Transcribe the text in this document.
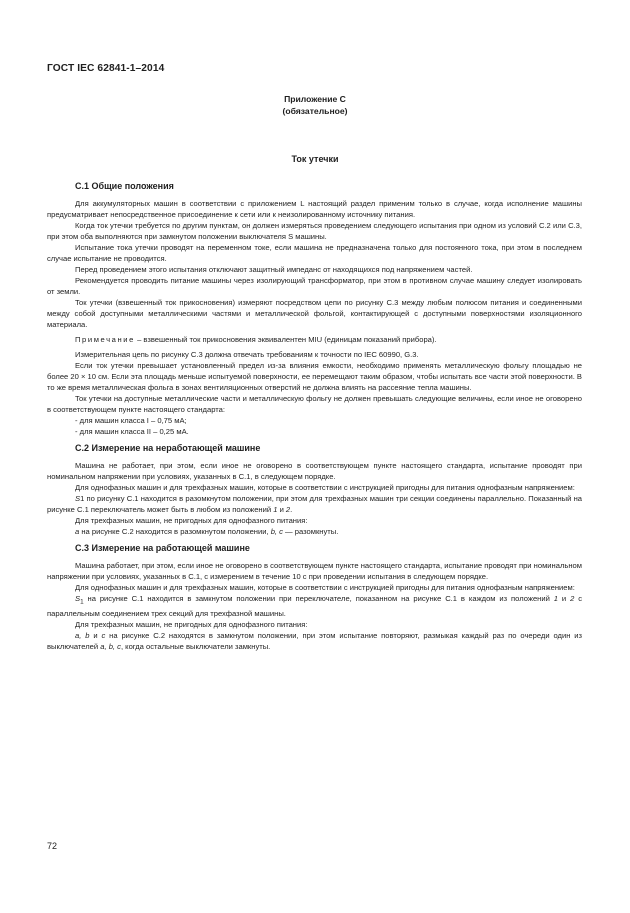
ГОСТ IEC 62841-1–2014
Приложение С
(обязательное)
Ток утечки
С.1 Общие положения

Для аккумуляторных машин в соответствии с приложением L настоящий раздел применим только в случае, когда исполнение машины предусматривает непосредственное присоединение к сети или к неизолированному источнику питания.

Когда ток утечки требуется по другим пунктам, он должен измеряться проведением следующего испытания при одном из условий С.2 или С.3, при этом оба выполняются при замкнутом положении выключателя S машины.

Испытание тока утечки проводят на переменном токе, если машина не предназначена только для постоянного тока, при этом в последнем случае испытание не проводится.

Перед проведением этого испытания отключают защитный импеданс от находящихся под напряжением частей.

Рекомендуется проводить питание машины через изолирующий трансформатор, при этом в противном случае машину следует изолировать от земли.

Ток утечки (взвешенный ток прикосновения) измеряют посредством цепи по рисунку С.3 между любым полюсом питания и соединенными между собой доступными металлическими частями и металлической фольгой, контактирующей с доступными поверхностями изоляционного материала.

Примечание – взвешенный ток прикосновения эквивалентен MIU (единицам показаний прибора).

Измерительная цепь по рисунку С.3 должна отвечать требованиям к точности по IEC 60990, G.3.

Если ток утечки превышает установленный предел из-за влияния емкости, необходимо применять металлическую фольгу площадью не более 20 × 10 см. Если эта площадь меньше испытуемой поверхности, ее перемещают таким образом, чтобы испытать все части этой поверхности. В то же время металлическая фольга в зонах вентиляционных отверстий не должна влиять на рассеяние тепла машины.

Ток утечки на доступные металлические части и металлическую фольгу не должен превышать следующие величины, если иное не оговорено в соответствующем пункте настоящего стандарта:

- для машин класса I – 0,75 мА;

- для машин класса II – 0,25 мА.

С.2 Измерение на неработающей машине

Машина не работает, при этом, если иное не оговорено в соответствующем пункте настоящего стандарта, испытание проводят при номинальном напряжении при условиях, указанных в С.1, в следующем порядке.

Для однофазных машин и для трехфазных машин, которые в соответствии с инструкцией пригодны для питания однофазным напряжением:

S1 по рисунку С.1 находится в разомкнутом положении, при этом для трехфазных машин три секции соединены параллельно. Показанный на рисунке С.1 переключатель может быть в любом из положений 1 и 2.

Для трехфазных машин, не пригодных для однофазного питания:

a на рисунке С.2 находится в разомкнутом положении, b, с — разомкнуты.

С.3 Измерение на работающей машине

Машина работает, при этом, если иное не оговорено в соответствующем пункте настоящего стандарта, испытание проводят при номинальном напряжении при условиях, указанных в С.1, с измерением в течение 10 с при проведении испытания в следующем порядке.

Для однофазных машин и для трехфазных машин, которые в соответствии с инструкцией пригодны для питания однофазным напряжением:

$S_1$ на рисунке С.1 находится в замкнутом положении при переключателе, показанном на рисунке С.1 в каждом из положений 1 и 2 с параллельным соединением трех секций для трехфазной машины.

Для трехфазных машин, не пригодных для однофазного питания:

a, b и с на рисунке С.2 находятся в замкнутом положении, при этом испытание повторяют, размыкая каждый раз по очереди один из выключателей a, b, с, когда остальные выключатели замкнуты.

72
